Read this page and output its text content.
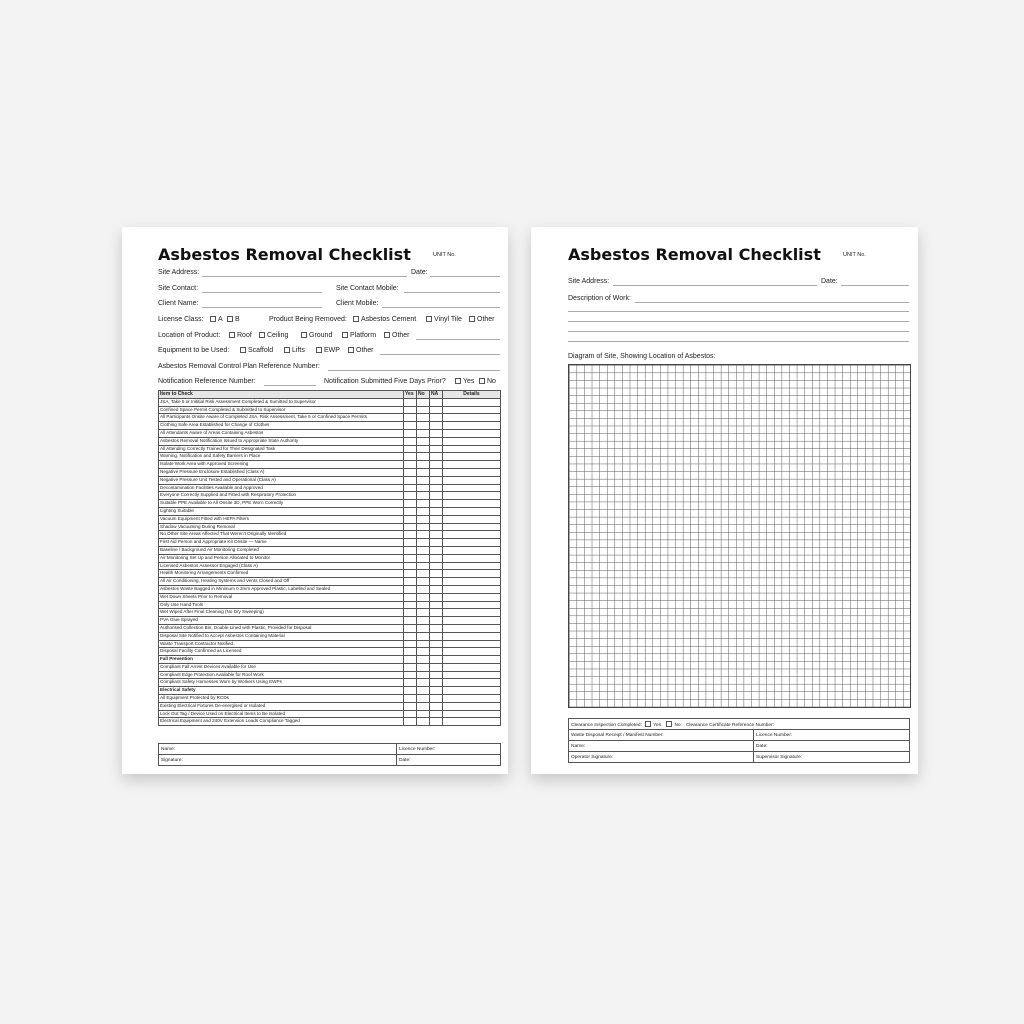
Asbestos Removal Checklist	UNIT No.
Site Address:	Date:
Site Contact:	Site Contact Mobile:
Client Name:	Client Mobile:
License Class:	A	B	Product Being Removed:	Asbestos Cement	Vinyl Tile	Other
Location of Product:	Roof	Ceiling	Ground	Platform	Other
Equipment to be Used:	Scaffold	Lifts	EWP	Other
Asbestos Removal Control Plan Reference Number:
Notification Reference Number:	Notification Submitted Five Days Prior?	Yes	No
Item to Check	Yes	No	NA	Details
JSA, Take 5 or Inititial Risk Assessment Completed & Sumitted to Supervisor				
Confined Space Permit Completed & Submitted to Supervisor				
All Participants Onsite Aware of Completed JSA, Risk Assessment, Take 5 or Confined Space Permits				
Clothing Safe Area Established for Change of Clothes				
All Attendants Aware of Areas Containing Asbestos				
Asbestos Removal Notification Issued to Appropriate State Authority				
All Attending Correctly Trained for Their Designated Task				
Warning, Notification and Safety Barriers in Place				
Isolate Work Area with Approved Screening				
Negative Pressure Enclosure Established (Class A)				
Negative Pressure Unit Tested and Operational (Class A)				
Decontamination Facilities Available and Approved				
Everyone Correctly Supplied and Fitted with Respiratory Protection				
Suitable PPE Available to All Onsite 3D, PPE Worn Correctly				
Lighting Suitable				
Vacuum Equipment Fitted with HEPA Filters				
Shadow Vacuuming During Removal				
No Other Site Areas Affected That Weren't Originally Identified				
First Aid Person and Appropriate Kit Onsite — Name				
Baseline / Background Air Monitoring Completed				
Air Monitoring Set Up and Person Allocated to Monitor				
Licensed Asbestos Assessor Engaged (Class A)				
Health Monitoring Arrangements Confirmed				
All Air Conditioning, Heating Systems and Vents Closed and Off				
Asbestos Waste Bagged in Minimum 0.2mm Approved Plastic, Labelled and Sealed				
Wet Down Sheets Prior to Removal				
Only Use Hand Tools				
Wet Wiped After Final Cleaning (No Dry Sweeping)				
PVA Glue Sprayed				
Authorised Collection Bin, Double Lined with Plastic, Provided for Disposal				
Disposal Site Notified to Accept Asbestos Containing Material				
Waste Transport Contractor Notified				
Disposal Facility Confirmed as Licensed				
Fall Prevention				
Compliant Fall Arrest Devices Available for Use				
Compliant Edge Protection Available for Roof Work				
Compliant Safety Harnesses Worn by Workers Using EWPs				
Electrical Safety				
All Equipment Protected by RCDs				
Existing Electrical Fixtures De-energised or Isolated				
Lock Out Tag / Device Used on Electrical Items to Be Isolated				
Electrical Equipment and 240V Extension Leads Compliance Tagged				
Name:	Licence Number:
Signature:	Date:
Asbestos Removal Checklist	UNIT No.
Site Address:	Date:
Description of Work:
Diagram of Site, Showing Location of Asbestos:
Clearance Inspection Completed: Yes No Clearance Certificate Reference Number:	
Waste Disposal Receipt / Manifest Number:	Licence Number:
Name:	Date:
Operator Signature:	Supervisor Signature:
